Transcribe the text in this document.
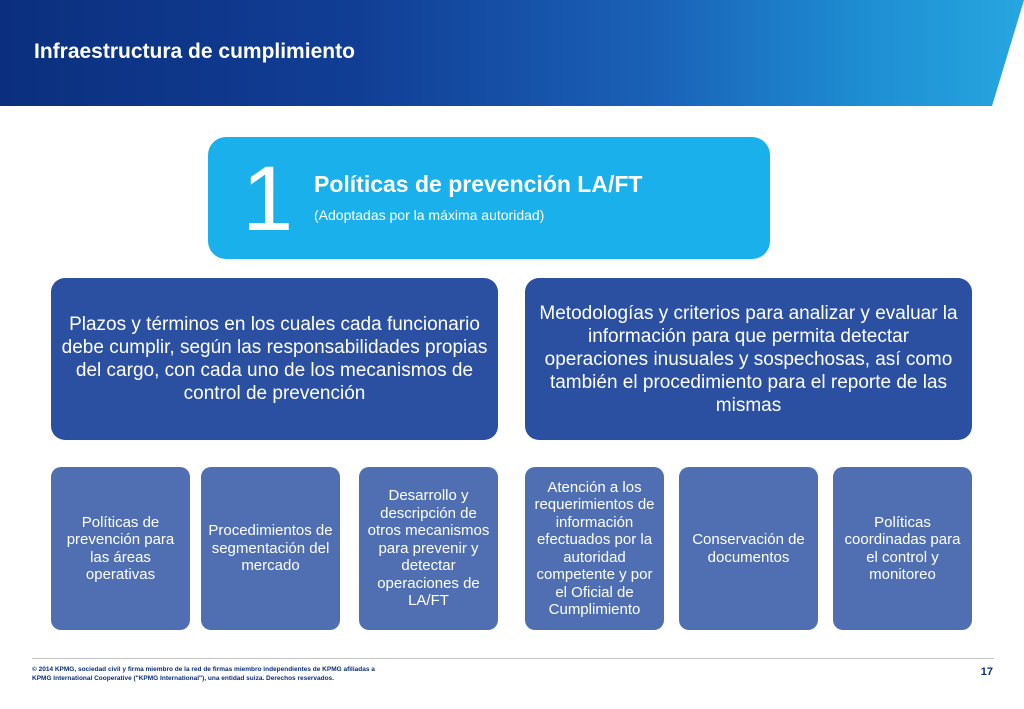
Infraestructura de cumplimiento
1 Políticas de prevención LA/FT
(Adoptadas por la máxima autoridad)
Plazos y términos en los cuales cada funcionario debe cumplir, según las responsabilidades propias del cargo, con cada uno de los mecanismos de control de prevención
Metodologías y criterios para analizar y evaluar la información para que permita detectar operaciones inusuales y sospechosas, así como también el procedimiento para el reporte de las mismas
Políticas de prevención para las áreas operativas
Procedimientos de segmentación del mercado
Desarrollo y descripción de otros mecanismos para prevenir y detectar operaciones de LA/FT
Atención a los requerimientos de información efectuados por la autoridad competente y por el Oficial de Cumplimiento
Conservación de documentos
Políticas coordinadas para el control y monitoreo
© 2014 KPMG, sociedad civil y firma miembro de la red de firmas miembro independientes de KPMG afiliadas a
KPMG International Cooperative ("KPMG International"), una entidad suiza. Derechos reservados.
17
